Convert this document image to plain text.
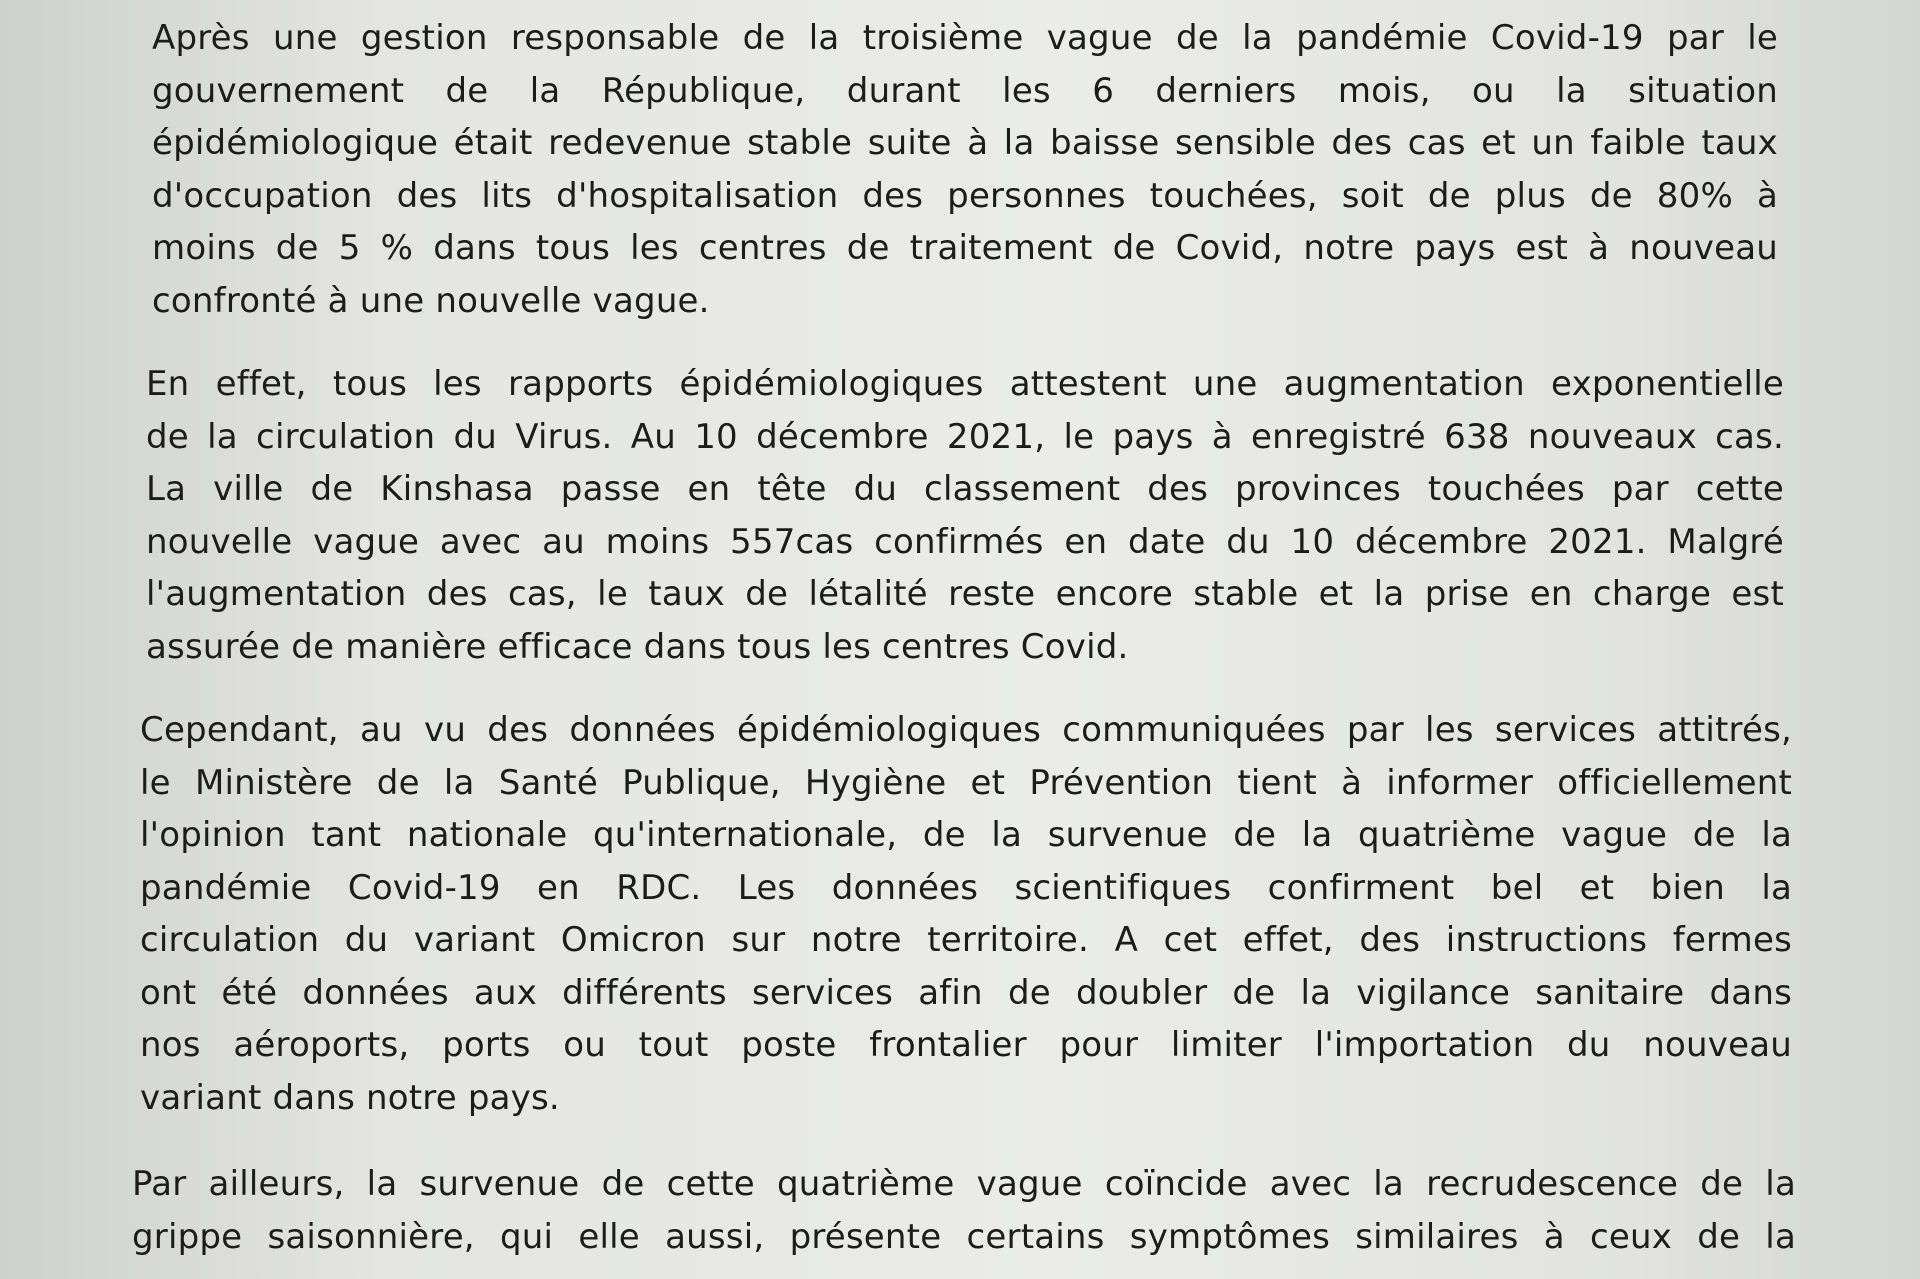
Après une gestion responsable de la troisième vague de la pandémie Covid-19 par le
gouvernement de la République, durant les 6 derniers mois, ou la situation
épidémiologique était redevenue stable suite à la baisse sensible des cas et un faible taux
d'occupation des lits d'hospitalisation des personnes touchées, soit de plus de 80% à
moins de 5 % dans tous les centres de traitement de Covid, notre pays est à nouveau
confronté à une nouvelle vague.

En effet, tous les rapports épidémiologiques attestent une augmentation exponentielle
de la circulation du Virus. Au 10 décembre 2021, le pays à enregistré 638 nouveaux cas.
La ville de Kinshasa passe en tête du classement des provinces touchées par cette
nouvelle vague avec au moins 557cas confirmés en date du 10 décembre 2021. Malgré
l'augmentation des cas, le taux de létalité reste encore stable et la prise en charge est
assurée de manière efficace dans tous les centres Covid.

Cependant, au vu des données épidémiologiques communiquées par les services attitrés,
le Ministère de la Santé Publique, Hygiène et Prévention tient à informer officiellement
l'opinion tant nationale qu'internationale, de la survenue de la quatrième vague de la
pandémie Covid-19 en RDC. Les données scientifiques confirment bel et bien la
circulation du variant Omicron sur notre territoire. A cet effet, des instructions fermes
ont été données aux différents services afin de doubler de la vigilance sanitaire dans
nos aéroports, ports ou tout poste frontalier pour limiter l'importation du nouveau
variant dans notre pays.

Par ailleurs, la survenue de cette quatrième vague coïncide avec la recrudescence de la
grippe saisonnière, qui elle aussi, présente certains symptômes similaires à ceux de la
